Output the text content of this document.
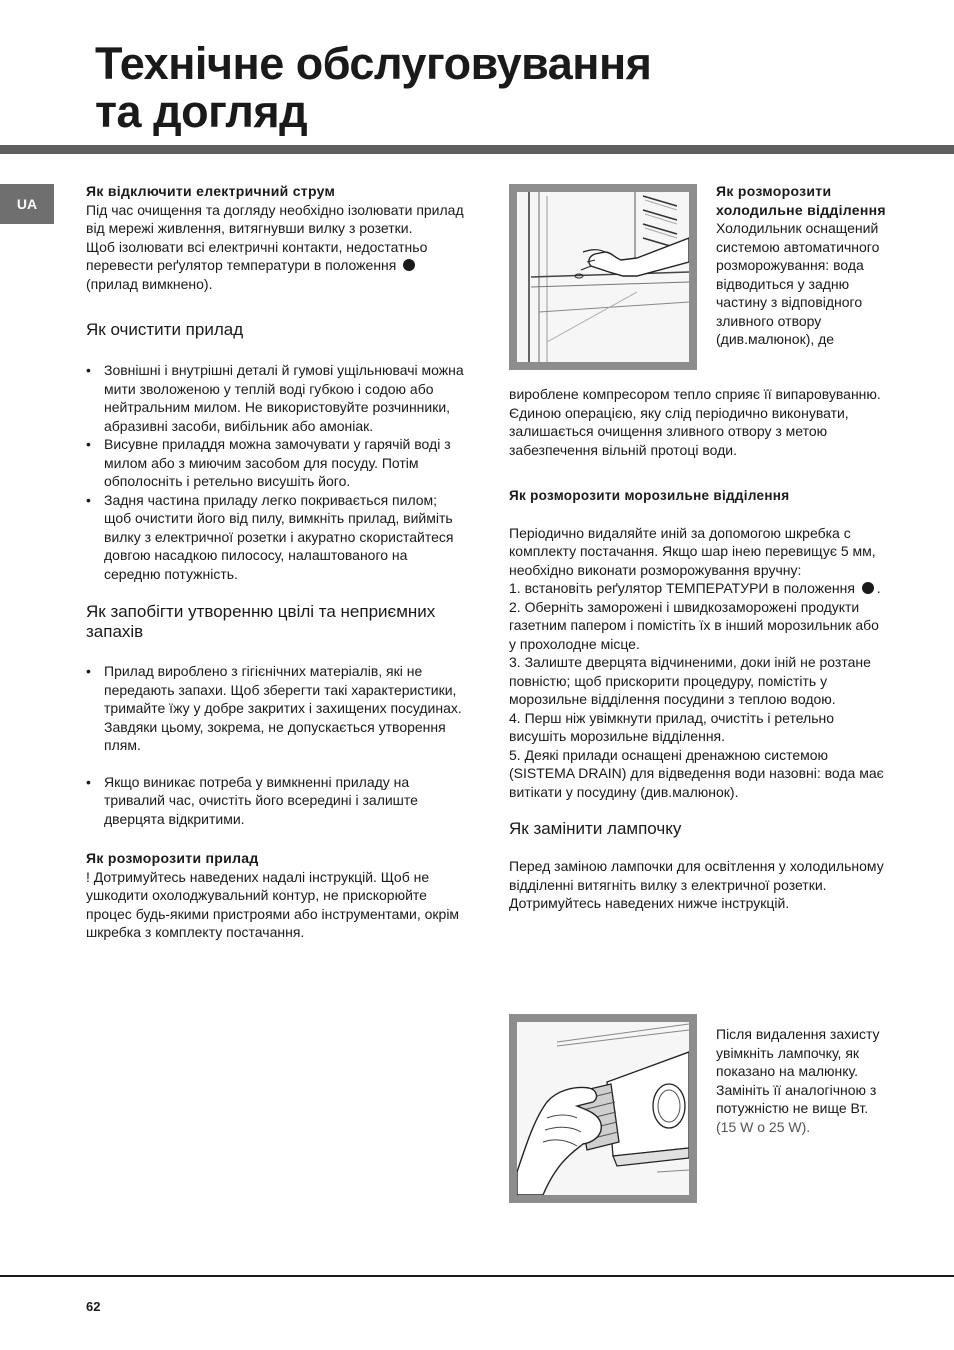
Технічне обслуговування
та догляд
UA

Як відключити електричний струм

Під час очищення та догляду необхідно ізолювати прилад від мережі живлення, витягнувши вилку з розетки.

Щоб ізолювати всі електричні контакти, недостатньо перевести реґулятор температури в положення (прилад вимкнено).

Як очистити прилад

• Зовнішні і внутрішні деталі й гумові ущільнювачі можна мити зволоженою у теплій воді губкою і содою або нейтральним милом. Не використовуйте розчинники, абразивні засоби, вибільник або амоніак.
• Висувне приладдя можна замочувати у гарячій воді з милом або з миючим засобом для посуду. Потім обполосніть і ретельно висушіть його.
• Задня частина приладу легко покривається пилом; щоб очистити його від пилу, вимкніть прилад, вийміть вилку з електричної розетки і акуратно скористайтеся довгою насадкою пилососу, налаштованого на середню потужність.

Як запобігти утворенню цвілі та неприємних запахів

• Прилад вироблено з гігієнічних матеріалів, які не передають запахи. Щоб зберегти такі характеристики, тримайте їжу у добре закритих і захищених посудинах. Завдяки цьому, зокрема, не допускається утворення плям.
• Якщо виникає потреба у вимкненні приладу на тривалий час, очистіть його всередині і залиште дверцята відкритими.

Як розморозити прилад

! Дотримуйтесь наведених надалі інструкцій. Щоб не ушкодити охолоджувальний контур, не прискорюйте процес будь-якими пристроями або інструментами, окрім шкребка з комплекту постачання.

Як розморозити холодильне відділення

Холодильник оснащений системою автоматичного розморожування: вода відводиться у задню частину з відповідного зливного отвору (див.малюнок), де

вироблене компресором тепло сприяє її випаровуванню. Єдиною операцією, яку слід періодично виконувати, залишається очищення зливного отвору з метою забезпечення вільній протоці води.

Як розморозити морозильне відділення

Періодично видаляйте иній за допомогою шкребка с комплекту постачання. Якщо шар інею перевищує 5 мм, необхідно виконати розморожування вручну:

1. встановіть реґулятор ТЕМПЕРАТУРИ в положення .

2. Оберніть заморожені і швидкозаморожені продукти газетним папером і помістіть їх в інший морозильник або у прохолодне місце.

3. Залиште дверцята відчиненими, доки іній не розтане повністю; щоб прискорити процедуру, помістіть у морозильне відділення посудини з теплою водою.

4. Перш ніж увімкнути прилад, очистіть і ретельно висушіть морозильне відділення.

5. Деякі прилади оснащені дренажною системою (SISTEMA DRAIN) для відведення води назовні: вода має витікати у посудину (див.малюнок).

Як замінити лампочку

Перед заміною лампочки для освітлення у холодильному відділенні витягніть вилку з електричної розетки. Дотримуйтесь наведених нижче інструкцій.

Після видалення захисту увімкніть лампочку, як показано на малюнку. Замініть її аналогічною з потужністю не вище Вт.(15 W о 25 W).

62
